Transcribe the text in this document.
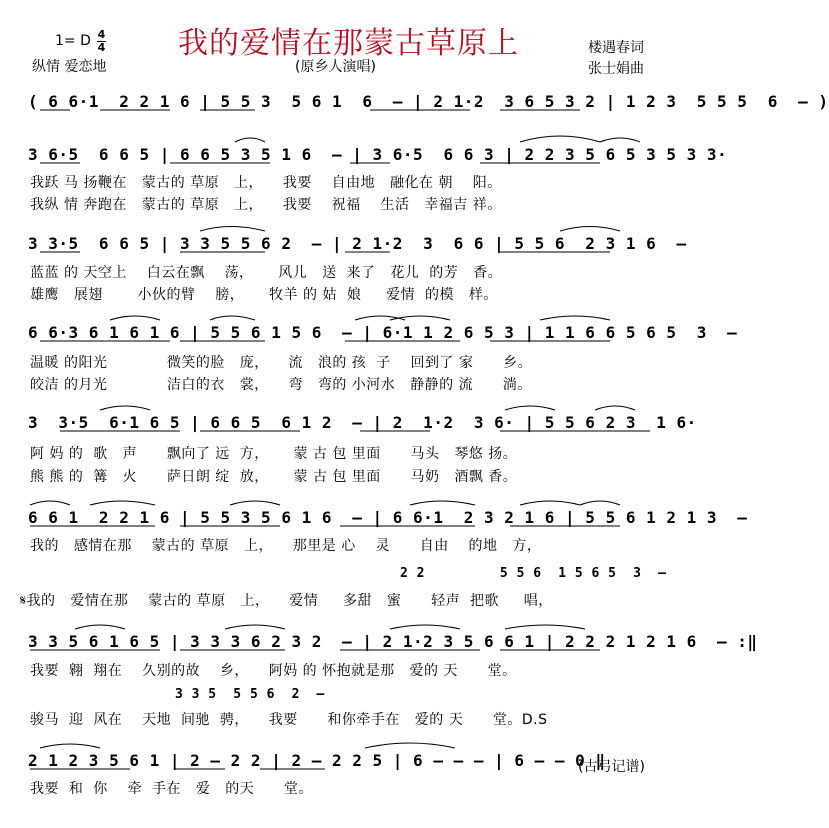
1= D 4
4 我的爱情在那蒙古草原上
纵情 爱恋地	(原乡人演唱)
楼遇春词
张士娟曲
( 6 6·1  2 2 1 6 | 5 5 3  5 6 1  6  – | 2 1·2  3 6 5 3 2 | 1 2 3  5 5 5  6  – )
3 6·5  6 6 5 | 6 6 5 3 5 1 6  – | 3 6·5  6 6 3 | 2 2 3 5 6 5 3 5 3 3·
我跃 马 扬鞭在   蒙古的 草原   上，    我要    自由地   融化在 朝    阳。
我纵 情 奔跑在   蒙古的 草原   上，    我要    祝福    生活   幸福吉 祥。
3 3·5  6 6 5 | 3 3 5 5 6 2  – | 2 1·2  3  6 6 | 5 5 6  2 3 1 6  –
蓝蓝 的 天空上    白云在飘    荡，     风儿   送  来了   花儿  的芳   香。
雄鹰   展翅       小伙的臂    膀，     牧羊 的 姑  娘     爱情  的模   样。
6 6·3 6 1 6 1 6 | 5 5 6 1 5 6  – | 6·1 1 2 6 5 3 | 1 1 6 6 5 6 5  3  –
温暖 的阳光            微笑的脸   庞，    流   浪的 孩  子    回到了 家      乡。
皎洁 的月光            洁白的衣   裳，    弯   弯的 小河水   静静的 流      淌。
3  3·5  6·1 6 5 | 6 6 5  6 1 2  – | 2  1·2  3 6· | 5 5 6 2 3  1 6·
阿 妈 的  歌   声      飘向了 远  方，     蒙 古 包 里面      马头   琴悠 扬。
熊 熊 的  篝   火      萨日朗 绽  放，     蒙 古 包 里面      马奶   酒飘 香。
6 6 1  2 2 1 6 | 5 5 3 5 6 1 6  – | 6 6·1  2 3 2 1 6 | 5 5 6 1 2 1 3  –
我的   感情在那    蒙古的 草原   上，    那里是 心    灵      自由    的地   方，
2 2         5 5 6  1 5 6 5  3  –
𝄋我的   爱情在那    蒙古的 草原   上，    爱情     多甜   蜜      轻声  把歌     唱，
3 3 5 6 1 6 5 | 3 3 3 6 2 3 2  – | 2 1·2 3 5 6 6 1 | 2 2 2 1 2 1 6  – :‖
我要  翱  翔在    久别的故    乡，    阿妈 的 怀抱就是那   爱的 天      堂。
3 3 5  5 5 6  2  –
骏马  迎  风在    天地  间驰  骋，    我要      和你牵手在   爱的 天      堂。D.S
2 1 2 3 5 6 1 | 2 – 2 2 | 2 – 2 2 5 | 6 – – – | 6 – – 0 ‖
我要  和  你    牵  手在   爱   的天      堂。
(古弓记谱)
